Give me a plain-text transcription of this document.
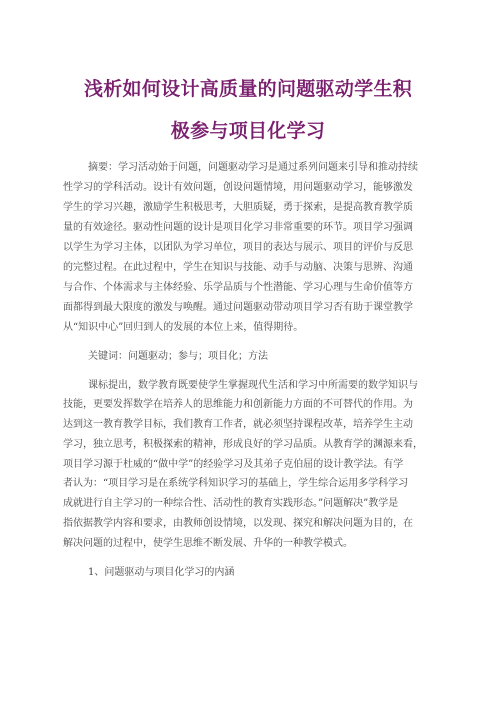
浅析如何设计高质量的问题驱动学生积
极参与项目化学习
摘要：学习活动始于问题，问题驱动学习是通过系列问题来引导和推动持续
性学习的学科活动。设计有效问题，创设问题情境，用问题驱动学习，能够激发
学生的学习兴趣，激励学生积极思考，大胆质疑，勇于探索，是提高教育教学质
量的有效途径。驱动性问题的设计是项目化学习非常重要的环节。项目学习强调
以学生为学习主体，以团队为学习单位，项目的表达与展示、项目的评价与反思
的完整过程。在此过程中，学生在知识与技能、动手与动脑、决策与思辨、沟通
与合作、个体需求与主体经验、乐学品质与个性潜能、学习心理与生命价值等方
面都得到最大限度的激发与唤醒。通过问题驱动带动项目学习否有助于课堂教学
从“知识中心”回归到人的发展的本位上来，值得期待。
关键词：问题驱动；参与；项目化；方法
课标提出，数学教育既要使学生掌握现代生活和学习中所需要的数学知识与
技能，更要发挥数学在培养人的思维能力和创新能力方面的不可替代的作用。为
达到这一教育教学目标，我们教育工作者，就必须坚持课程改革，培养学生主动
学习，独立思考，积极探索的精神，形成良好的学习品质。从教育学的渊源来看，
项目学习源于杜威的“做中学”的经验学习及其弟子克伯屈的设计教学法。有学
者认为：“项目学习是在系统学科知识学习的基础上，学生综合运用多学科学习
成就进行自主学习的一种综合性、活动性的教育实践形态。”问题解决”教学是
指依据教学内容和要求，由教师创设情境，以发现、探究和解决问题为目的，在
解决问题的过程中，使学生思维不断发展、升华的一种教学模式。
1、问题驱动与项目化学习的内涵
